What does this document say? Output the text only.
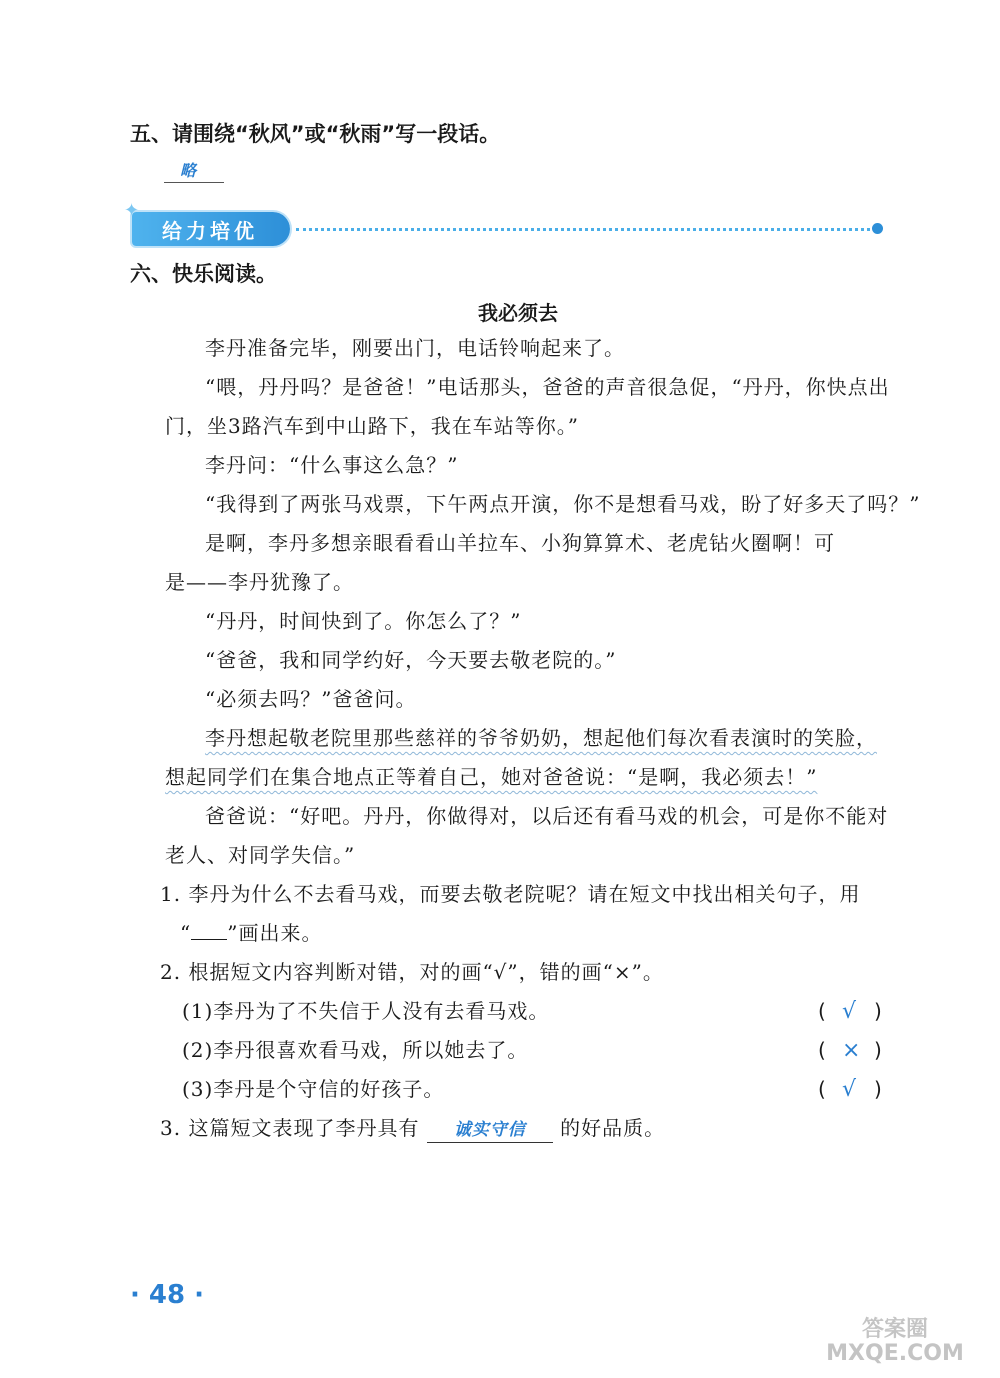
五、请围绕“秋风”或“秋雨”写一段话。
略
✦
给力培优
六、快乐阅读。
我必须去
李丹准备完毕，刚要出门，电话铃响起来了。
“喂，丹丹吗？是爸爸！”电话那头，爸爸的声音很急促，“丹丹，你快点出
门，坐3路汽车到中山路下，我在车站等你。”
李丹问：“什么事这么急？”
“我得到了两张马戏票，下午两点开演，你不是想看马戏，盼了好多天了吗？”
是啊，李丹多想亲眼看看山羊拉车、小狗算算术、老虎钻火圈啊！可
是——李丹犹豫了。
“丹丹，时间快到了。你怎么了？”
“爸爸，我和同学约好，今天要去敬老院的。”
“必须去吗？”爸爸问。
李丹想起敬老院里那些慈祥的爷爷奶奶，想起他们每次看表演时的笑脸，
想起同学们在集合地点正等着自己，她对爸爸说：“是啊，我必须去！”
爸爸说：“好吧。丹丹，你做得对，以后还有看马戏的机会，可是你不能对
老人、对同学失信。”
1. 李丹为什么不去看马戏，而要去敬老院呢？请在短文中找出相关句子，用
“ ”画出来。
2. 根据短文内容判断对错，对的画“√”，错的画“×”。
(1)李丹为了不失信于人没有去看马戏。	( √ )
(2)李丹很喜欢看马戏，所以她去了。	( × )
(3)李丹是个守信的好孩子。	( √ )
3. 这篇短文表现了李丹具有 诚实守信 的好品质。
· 48 ·
答案圈 MXQE.COM
